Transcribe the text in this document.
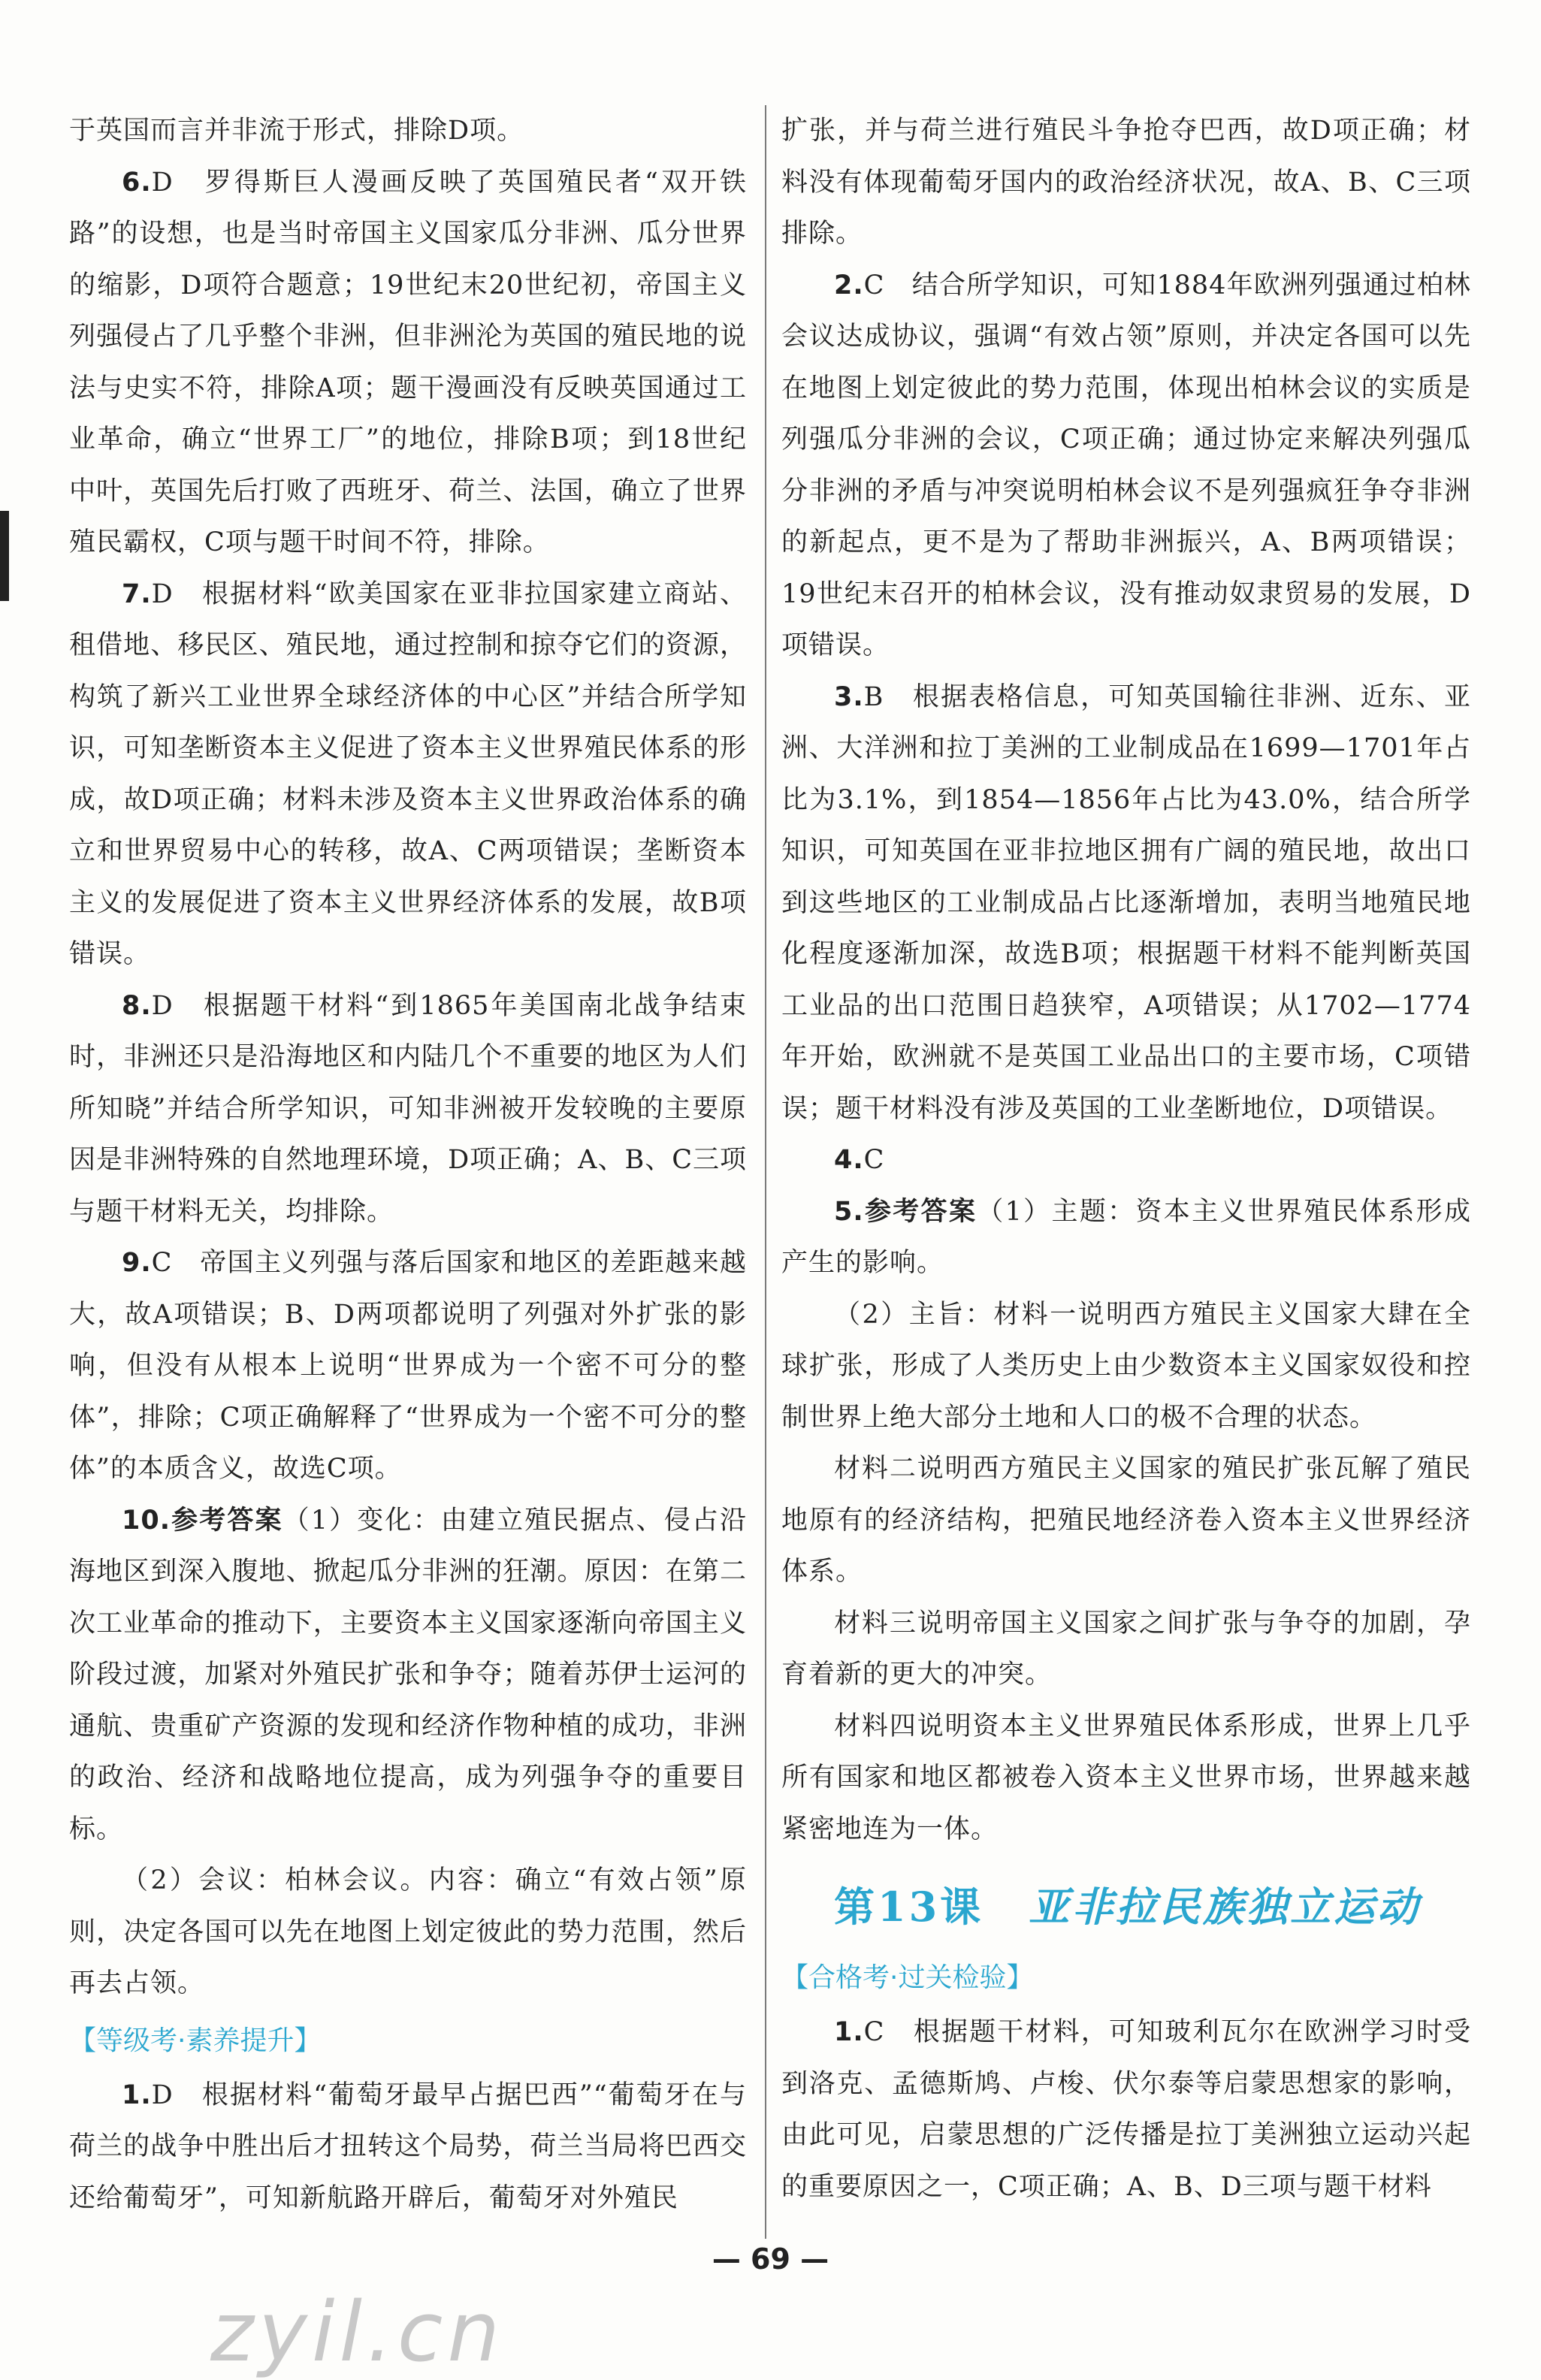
于英国而言并非流于形式，排除D项。

6.D　罗得斯巨人漫画反映了英国殖民者“双开铁路”的设想，也是当时帝国主义国家瓜分非洲、瓜分世界的缩影，D项符合题意；19世纪末20世纪初，帝国主义列强侵占了几乎整个非洲，但非洲沦为英国的殖民地的说法与史实不符，排除A项；题干漫画没有反映英国通过工业革命，确立“世界工厂”的地位，排除B项；到18世纪中叶，英国先后打败了西班牙、荷兰、法国，确立了世界殖民霸权，C项与题干时间不符，排除。

7.D　根据材料“欧美国家在亚非拉国家建立商站、租借地、移民区、殖民地，通过控制和掠夺它们的资源，构筑了新兴工业世界全球经济体的中心区”并结合所学知识，可知垄断资本主义促进了资本主义世界殖民体系的形成，故D项正确；材料未涉及资本主义世界政治体系的确立和世界贸易中心的转移，故A、C两项错误；垄断资本主义的发展促进了资本主义世界经济体系的发展，故B项错误。

8.D　根据题干材料“到1865年美国南北战争结束时，非洲还只是沿海地区和内陆几个不重要的地区为人们所知晓”并结合所学知识，可知非洲被开发较晚的主要原因是非洲特殊的自然地理环境，D项正确；A、B、C三项与题干材料无关，均排除。

9.C　帝国主义列强与落后国家和地区的差距越来越大，故A项错误；B、D两项都说明了列强对外扩张的影响，但没有从根本上说明“世界成为一个密不可分的整体”，排除；C项正确解释了“世界成为一个密不可分的整体”的本质含义，故选C项。

10.参考答案（1）变化：由建立殖民据点、侵占沿海地区到深入腹地、掀起瓜分非洲的狂潮。原因：在第二次工业革命的推动下，主要资本主义国家逐渐向帝国主义阶段过渡，加紧对外殖民扩张和争夺；随着苏伊士运河的通航、贵重矿产资源的发现和经济作物种植的成功，非洲的政治、经济和战略地位提高，成为列强争夺的重要目标。

（2）会议：柏林会议。内容：确立“有效占领”原则，决定各国可以先在地图上划定彼此的势力范围，然后再去占领。

【等级考·素养提升】

1.D　根据材料“葡萄牙最早占据巴西”“葡萄牙在与荷兰的战争中胜出后才扭转这个局势，荷兰当局将巴西交还给葡萄牙”，可知新航路开辟后，葡萄牙对外殖民

扩张，并与荷兰进行殖民斗争抢夺巴西，故D项正确；材料没有体现葡萄牙国内的政治经济状况，故A、B、C三项排除。

2.C　结合所学知识，可知1884年欧洲列强通过柏林会议达成协议，强调“有效占领”原则，并决定各国可以先在地图上划定彼此的势力范围，体现出柏林会议的实质是列强瓜分非洲的会议，C项正确；通过协定来解决列强瓜分非洲的矛盾与冲突说明柏林会议不是列强疯狂争夺非洲的新起点，更不是为了帮助非洲振兴，A、B两项错误；19世纪末召开的柏林会议，没有推动奴隶贸易的发展，D项错误。

3.B　根据表格信息，可知英国输往非洲、近东、亚洲、大洋洲和拉丁美洲的工业制成品在1699—1701年占比为3.1%，到1854—1856年占比为43.0%，结合所学知识，可知英国在亚非拉地区拥有广阔的殖民地，故出口到这些地区的工业制成品占比逐渐增加，表明当地殖民地化程度逐渐加深，故选B项；根据题干材料不能判断英国工业品的出口范围日趋狭窄，A项错误；从1702—1774年开始，欧洲就不是英国工业品出口的主要市场，C项错误；题干材料没有涉及英国的工业垄断地位，D项错误。

4.C

5.参考答案（1）主题：资本主义世界殖民体系形成产生的影响。

（2）主旨：材料一说明西方殖民主义国家大肆在全球扩张，形成了人类历史上由少数资本主义国家奴役和控制世界上绝大部分土地和人口的极不合理的状态。

材料二说明西方殖民主义国家的殖民扩张瓦解了殖民地原有的经济结构，把殖民地经济卷入资本主义世界经济体系。

材料三说明帝国主义国家之间扩张与争夺的加剧，孕育着新的更大的冲突。

材料四说明资本主义世界殖民体系形成，世界上几乎所有国家和地区都被卷入资本主义世界市场，世界越来越紧密地连为一体。

第13课 亚非拉民族独立运动
【合格考·过关检验】

1.C　根据题干材料，可知玻利瓦尔在欧洲学习时受到洛克、孟德斯鸠、卢梭、伏尔泰等启蒙思想家的影响，由此可见，启蒙思想的广泛传播是拉丁美洲独立运动兴起的重要原因之一，C项正确；A、B、D三项与题干材料

— 69 —
zyil.cn
